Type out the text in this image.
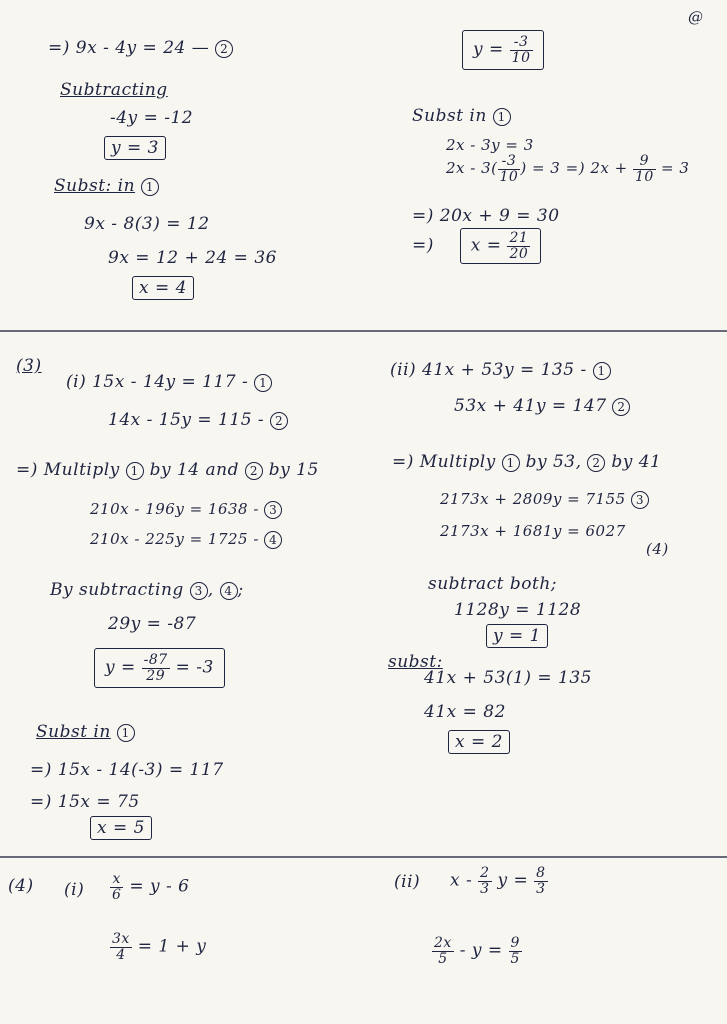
@
=) 9x - 4y = 24 — 2
Subtracting
-4y = -12
y = 3
Subst: in 1
9x - 8(3) = 12
9x = 12 + 24 = 36
x = 4
$y = \frac{-3}{10}$
Subst in 1
2x - 3y = 3
$2x - 3( \frac{-3}{10}$ ) = 3 =) $2x + \frac{9}{10} = 3$
=) 20x + 9 = 30
=) $x = \frac{21}{20}$
(3)
(i) 15x - 14y = 117 - 1
14x - 15y = 115 - 2
=) Multiply 1 by 14 and 2 by 15
210x - 196y = 1638 - 3
210x - 225y = 1725 - 4
By subtracting 3 , 4 ;
29y = -87
$y = \frac{-87}{29} = -3$
Subst in 1
=) 15x - 14(-3) = 117
=) 15x = 75
x = 5
(ii) 41x + 53y = 135 - 1
53x + 41y = 147 2
=) Multiply 1 by 53, 2 by 41
2173x + 2809y = 7155 3
2173x + 1681y = 6027
(4)
subtract both;
1128y = 1128
y = 1
subst:
41x + 53(1) = 135
41x = 82
x = 2
(4) $(i) \frac{x}{6} = y - 6$
$\frac{3x}{4} = 1 + y$
(ii) x - $\frac{2}{3}$ $y = \frac{8}{3}$
$\frac{2x}{5} - y = \frac{9}{5}$
